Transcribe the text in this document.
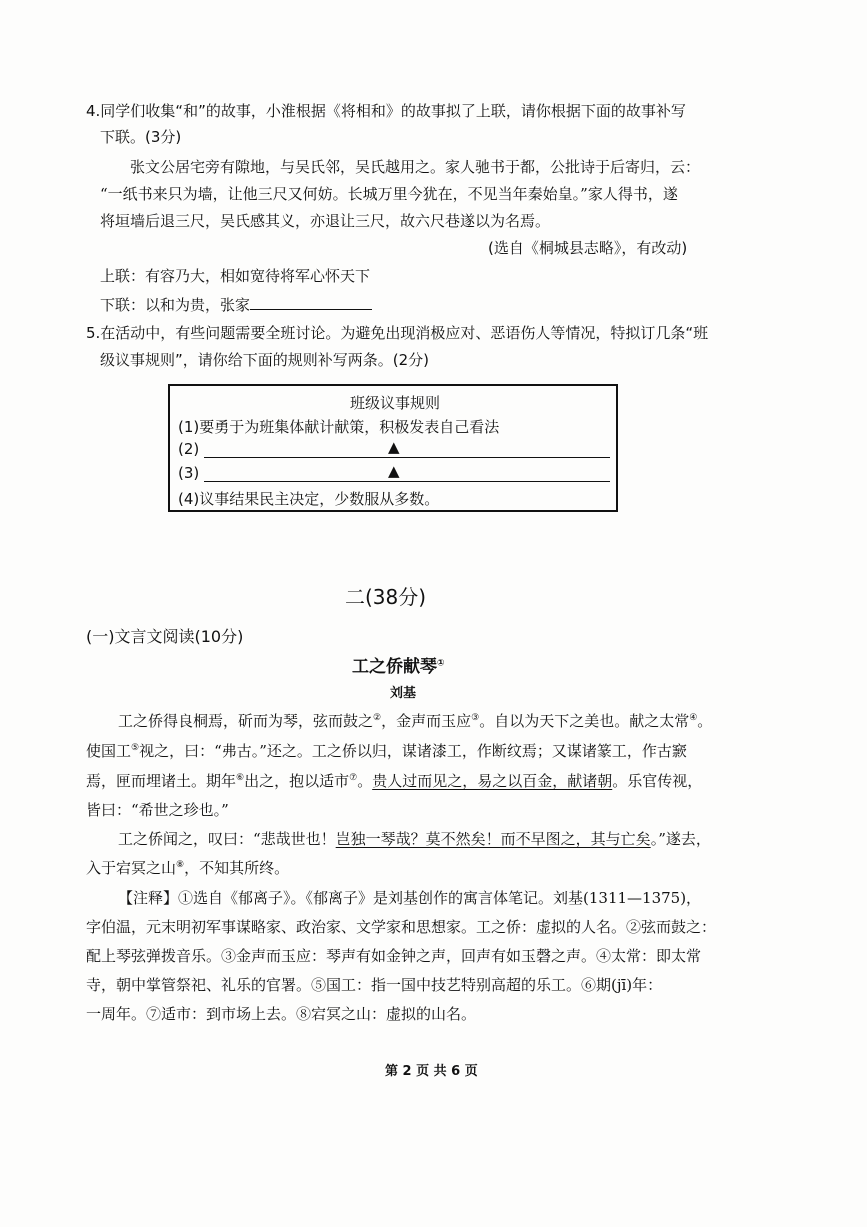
4.同学们收集“和”的故事，小淮根据《将相和》的故事拟了上联，请你根据下面的故事补写
下联。(3分)
张文公居宅旁有隙地，与吴氏邻，吴氏越用之。家人驰书于都，公批诗于后寄归，云：
“一纸书来只为墙，让他三尺又何妨。长城万里今犹在，不见当年秦始皇。”家人得书，遂
将垣墙后退三尺，吴氏感其义，亦退让三尺，故六尺巷遂以为名焉。
(选自《桐城县志略》，有改动)
上联：有容乃大，相如宽待将军心怀天下
下联：以和为贵，张家
5.在活动中，有些问题需要全班讨论。为避免出现消极应对、恶语伤人等情况，特拟订几条“班
级议事规则”，请你给下面的规则补写两条。(2分)
班级议事规则
(1)要勇于为班集体献计献策，积极发表自己看法
(2)	▲
(3)	▲
(4)议事结果民主决定，少数服从多数。
二(38分)
(一)文言文阅读(10分)
工之侨献琴①
刘基
工之侨得良桐焉，斫而为琴，弦而鼓之②，金声而玉应③。自以为天下之美也。献之太常④。
使国工⑤视之，曰：“弗古。”还之。工之侨以归，谋诸漆工，作断纹焉；又谋诸篆工，作古窾
焉，匣而埋诸土。期年⑥出之，抱以适市⑦。贵人过而见之，易之以百金，献诸朝。乐官传视，
皆曰：“希世之珍也。”
工之侨闻之，叹曰：“悲哉世也！岂独一琴哉？莫不然矣！而不早图之，其与亡矣。”遂去，
入于宕冥之山⑧，不知其所终。
【注释】①选自《郁离子》。《郁离子》是刘基创作的寓言体笔记。刘基(1311—1375)，
字伯温，元末明初军事谋略家、政治家、文学家和思想家。工之侨：虚拟的人名。②弦而鼓之：
配上琴弦弹拨音乐。③金声而玉应：琴声有如金钟之声，回声有如玉磬之声。④太常：即太常
寺，朝中掌管祭祀、礼乐的官署。⑤国工：指一国中技艺特别高超的乐工。⑥期(jī)年：
一周年。⑦适市：到市场上去。⑧宕冥之山：虚拟的山名。
第 2 页 共 6 页
